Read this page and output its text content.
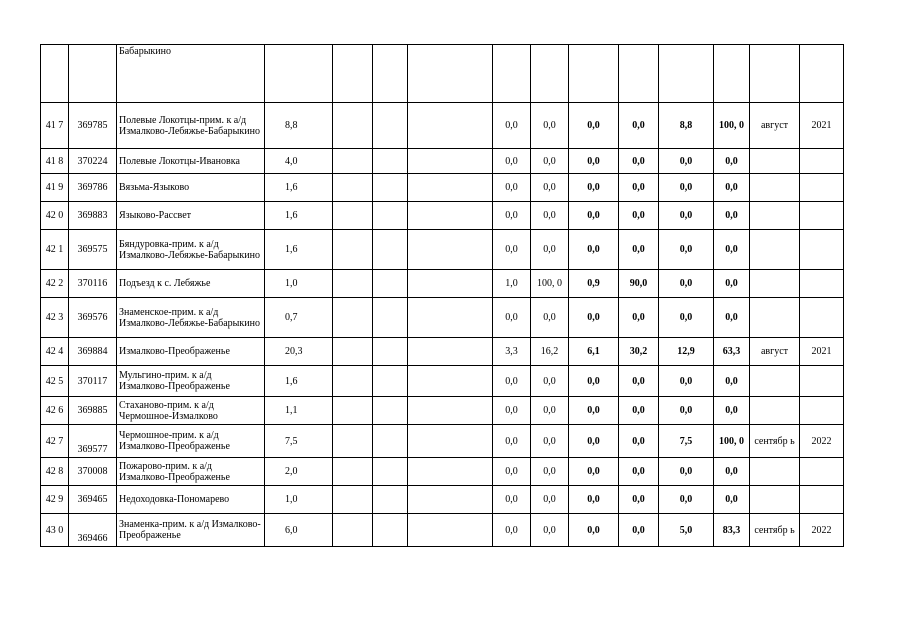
		Бабарыкино												
41 7	369785	Полевые Локотцы-прим. к а/д Измалково-Лебяжье-Бабарыкино	8,8				0,0	0,0	0,0	0,0	8,8	100, 0	август	2021
41 8	370224	Полевые Локотцы-Ивановка	4,0				0,0	0,0	0,0	0,0	0,0	0,0		
41 9	369786	Вязьма-Языково	1,6				0,0	0,0	0,0	0,0	0,0	0,0		
42 0	369883	Языково-Рассвет	1,6				0,0	0,0	0,0	0,0	0,0	0,0		
42 1	369575	Бяндуровка-прим. к а/д Измалково-Лебяжье-Бабарыкино	1,6				0,0	0,0	0,0	0,0	0,0	0,0		
42 2	370116	Подъезд к с. Лебяжье	1,0				1,0	100, 0	0,9	90,0	0,0	0,0		
42 3	369576	Знаменское-прим. к а/д Измалково-Лебяжье-Бабарыкино	0,7				0,0	0,0	0,0	0,0	0,0	0,0		
42 4	369884	Измалково-Преображенье	20,3				3,3	16,2	6,1	30,2	12,9	63,3	август	2021
42 5	370117	Мульгино-прим. к а/д Измалково-Преображенье	1,6				0,0	0,0	0,0	0,0	0,0	0,0		
42 6	369885	Стаханово-прим. к а/д Чермошное-Измалково	1,1				0,0	0,0	0,0	0,0	0,0	0,0		
42 7	369577	Чермошное-прим. к а/д Измалково-Преображенье	7,5				0,0	0,0	0,0	0,0	7,5	100, 0	сентябр ь	2022
42 8	370008	Пожарово-прим. к а/д Измалково-Преображенье	2,0				0,0	0,0	0,0	0,0	0,0	0,0		
42 9	369465	Недоходовка-Пономарево	1,0				0,0	0,0	0,0	0,0	0,0	0,0		
43 0	369466	Знаменка-прим. к а/д Измалково-Преображенье	6,0				0,0	0,0	0,0	0,0	5,0	83,3	сентябр ь	2022
